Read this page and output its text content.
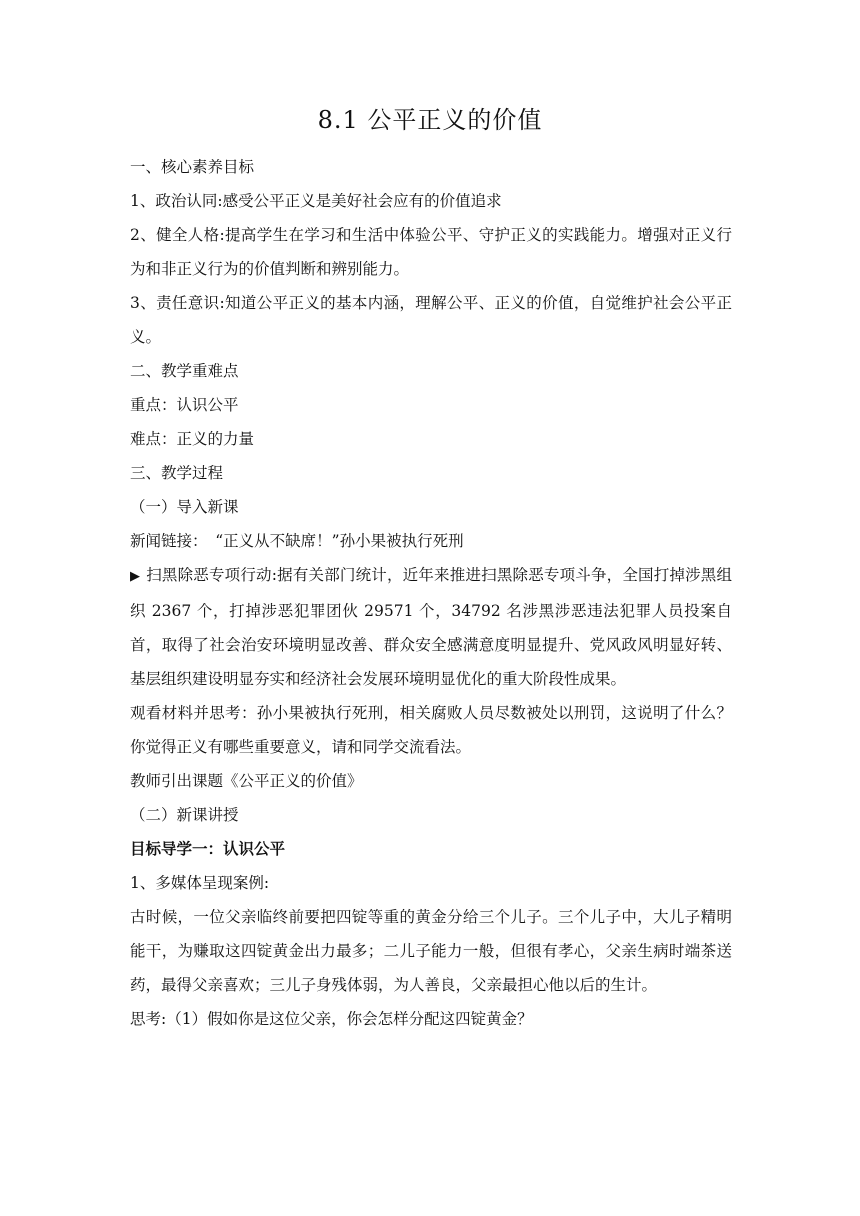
8.1 公平正义的价值

一、核心素养目标

1、政治认同:感受公平正义是美好社会应有的价值追求

2、健全人格:提高学生在学习和生活中体验公平、守护正义的实践能力。增强对正义行为和非正义行为的价值判断和辨别能力。

3、责任意识:知道公平正义的基本内涵，理解公平、正义的价值，自觉维护社会公平正义。

二、教学重难点

重点：认识公平

难点：正义的力量

三、教学过程

（一）导入新课

新闻链接：　“正义从不缺席！”孙小果被执行死刑

▶ 扫黑除恶专项行动:据有关部门统计，近年来推进扫黑除恶专项斗争，全国打掉涉黑组织 2367 个，打掉涉恶犯罪团伙 29571 个，34792 名涉黑涉恶违法犯罪人员投案自首，取得了社会治安环境明显改善、群众安全感满意度明显提升、党风政风明显好转、基层组织建设明显夯实和经济社会发展环境明显优化的重大阶段性成果。

观看材料并思考：孙小果被执行死刑，相关腐败人员尽数被处以刑罚，这说明了什么？你觉得正义有哪些重要意义，请和同学交流看法。

教师引出课题《公平正义的价值》

（二）新课讲授

目标导学一：认识公平

1、多媒体呈现案例:

古时候，一位父亲临终前要把四锭等重的黄金分给三个儿子。三个儿子中，大儿子精明能干，为赚取这四锭黄金出力最多；二儿子能力一般，但很有孝心，父亲生病时端茶送药，最得父亲喜欢；三儿子身残体弱，为人善良，父亲最担心他以后的生计。

思考:（1）假如你是这位父亲，你会怎样分配这四锭黄金？
